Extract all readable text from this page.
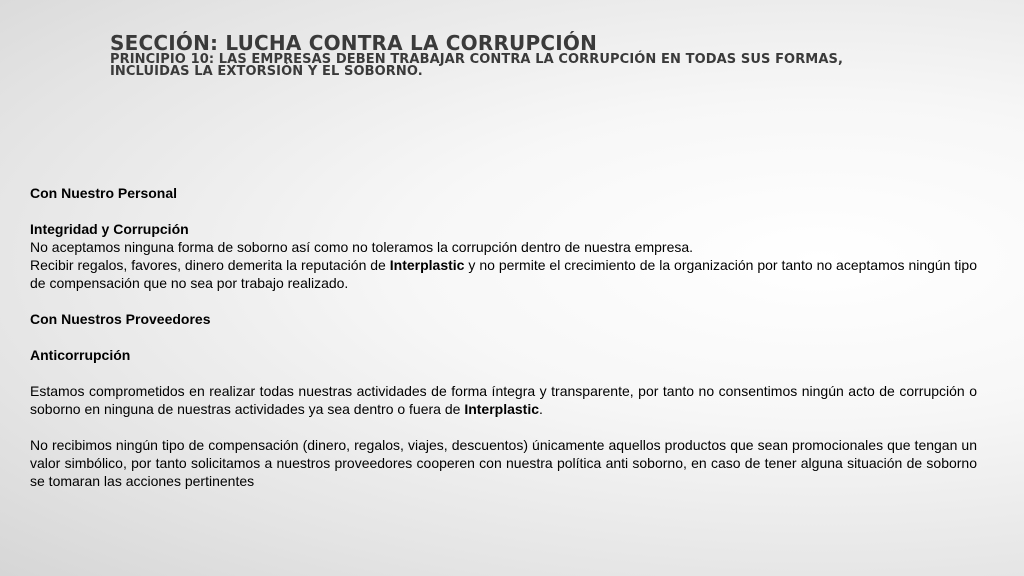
SECCIÓN: LUCHA CONTRA LA CORRUPCIÓN
PRINCIPIO 10: LAS EMPRESAS DEBEN TRABAJAR CONTRA LA CORRUPCIÓN EN TODAS SUS FORMAS,
INCLUIDAS LA EXTORSIÓN Y EL SOBORNO.

Con Nuestro Personal

Integridad y Corrupción

No aceptamos ninguna forma de soborno así como no toleramos la corrupción dentro de nuestra empresa.

Recibir regalos, favores, dinero demerita la reputación de Interplastic y no permite el crecimiento de la organización por tanto no aceptamos ningún tipo de compensación que no sea por trabajo realizado.

Con Nuestros Proveedores

Anticorrupción

Estamos comprometidos en realizar todas nuestras actividades de forma íntegra y transparente, por tanto no consentimos ningún acto de corrupción o soborno en ninguna de nuestras actividades ya sea dentro o fuera de Interplastic.

No recibimos ningún tipo de compensación (dinero, regalos, viajes, descuentos) únicamente aquellos productos que sean promocionales que tengan un valor simbólico, por tanto solicitamos a nuestros proveedores cooperen con nuestra política anti soborno, en caso de tener alguna situación de soborno se tomaran las acciones pertinentes
